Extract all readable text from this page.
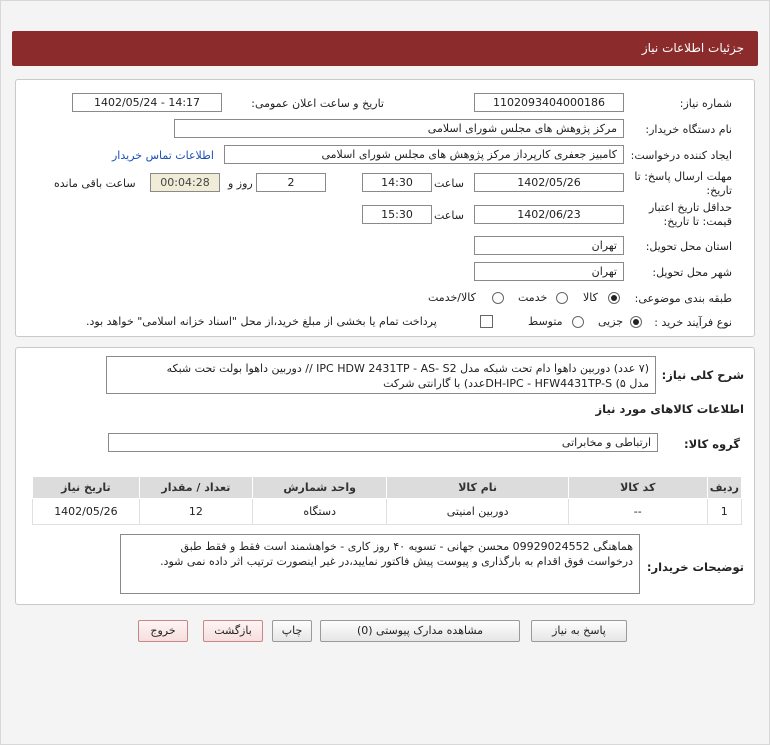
جزئیات اطلاعات نیاز
شماره نیاز:
1102093404000186
تاریخ و ساعت اعلان عمومی:
1402/05/24 - 14:17
نام دستگاه خریدار:
مرکز پژوهش های مجلس شورای اسلامی
ایجاد کننده درخواست:
کامبیز جعفری کارپرداز مرکز پژوهش های مجلس شورای اسلامی
اطلاعات تماس خریدار
مهلت ارسال پاسخ: تا
تاریخ:
1402/05/26
ساعت
14:30
2
روز و
00:04:28
ساعت باقی مانده
حداقل تاریخ اعتبار
قیمت: تا تاریخ:
1402/06/23
ساعت
15:30
استان محل تحویل:
تهران
شهر محل تحویل:
تهران
طبقه بندی موضوعی:
کالا
خدمت
کالا/خدمت
نوع فرآیند خرید :
جزیی
متوسط
پرداخت تمام یا بخشی از مبلغ خرید،از محل "اسناد خزانه اسلامی" خواهد بود.
شرح کلی نیاز:
(۷ عدد) دوربین داهوا دام تحت شبکه مدل IPC HDW 2431TP - AS- S2 // دوربین داهوا بولت تحت شبکه
مدل ۵) DH-IPC - HFW4431TP-Sعدد) با گارانتی شرکت
اطلاعات کالاهای مورد نیاز
گروه کالا:
ارتباطی و مخابراتی
ردیف	کد کالا	نام کالا	واحد شمارش	تعداد / مقدار	تاریخ نیاز
1	--	دوربین امنیتی	دستگاه	12	1402/05/26
توضیحات خریدار:
هماهنگی 09929024552 محسن جهانی - تسویه ۴۰ روز کاری - خواهشمند است فقط و فقط طبق
درخواست فوق اقدام به بارگذاری و پیوست پیش فاکتور نمایید،در غیر اینصورت ترتیب اثر داده نمی شود.
پاسخ به نیاز
مشاهده مدارک پیوستی (0)
چاپ
بازگشت
خروج
